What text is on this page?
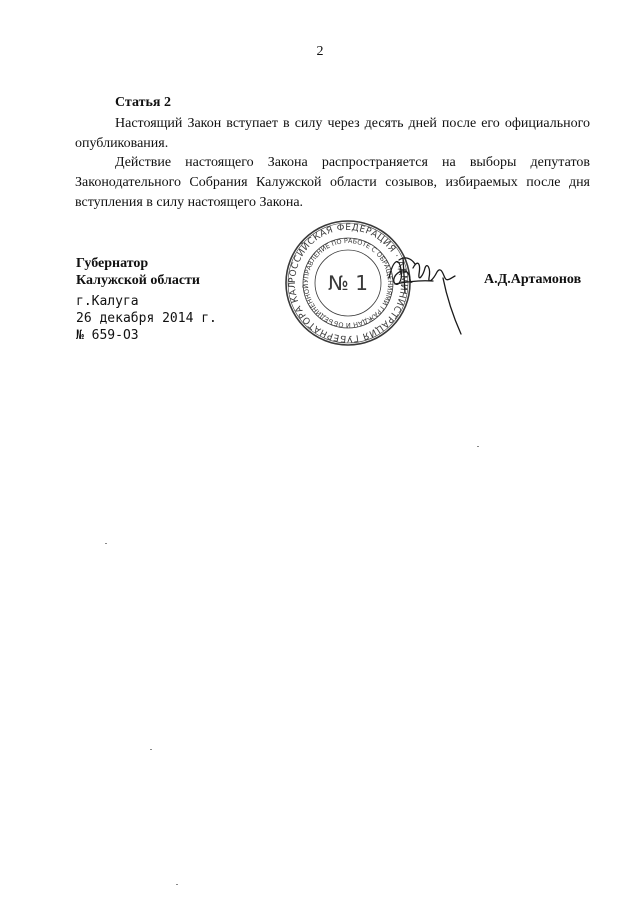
2
Статья 2

Настоящий Закон вступает в силу через десять дней после его официального опубликования.

Действие настоящего Закона распространяется на выборы депутатов Законодательного Собрания Калужской области созывов, избираемых после дня вступления в силу настоящего Закона.

Губернатор
Калужской области	А.Д.Артамонов
г.Калуга
26 декабря 2014 г.
№ 659-ОЗ
РОССИЙСКАЯ ФЕДЕРАЦИЯ · АДМИНИСТРАЦИЯ ГУБЕРНАТОРА КАЛ
УПРАВЛЕНИЕ ПО РАБОТЕ С ОБРАЩЕНИЯМИ ГРАЖДАН И ОБЪЕДИНЕННОЙ № 1
